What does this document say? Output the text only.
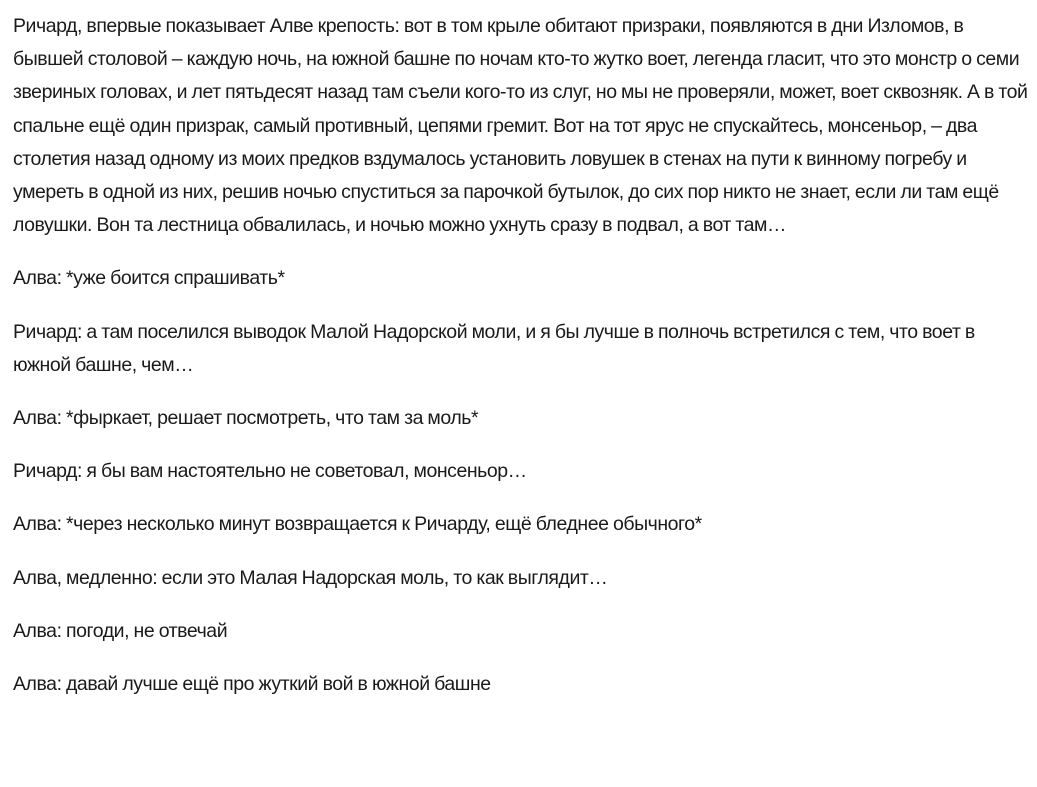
Ричард, впервые показывает Алве крепость: вот в том крыле обитают призраки, появляются в дни Изломов, в бывшей столовой – каждую ночь, на южной башне по ночам кто-то жутко воет, легенда гласит, что это монстр о семи звериных головах, и лет пятьдесят назад там съели кого-то из слуг, но мы не проверяли, может, воет сквозняк. А в той спальне ещё один призрак, самый противный, цепями гремит. Вот на тот ярус не спускайтесь, монсеньор, – два столетия назад одному из моих предков вздумалось установить ловушек в стенах на пути к винному погребу и умереть в одной из них, решив ночью спуститься за парочкой бутылок, до сих пор никто не знает, если ли там ещё ловушки. Вон та лестница обвалилась, и ночью можно ухнуть сразу в подвал, а вот там…

Алва: *уже боится спрашивать*

Ричард: а там поселился выводок Малой Надорской моли, и я бы лучше в полночь встретился с тем, что воет в южной башне, чем…

Алва: *фыркает, решает посмотреть, что там за моль*

Ричард: я бы вам настоятельно не советовал, монсеньор…

Алва: *через несколько минут возвращается к Ричарду, ещё бледнее обычного*

Алва, медленно: если это Малая Надорская моль, то как выглядит…

Алва: погоди, не отвечай

Алва: давай лучше ещё про жуткий вой в южной башне
